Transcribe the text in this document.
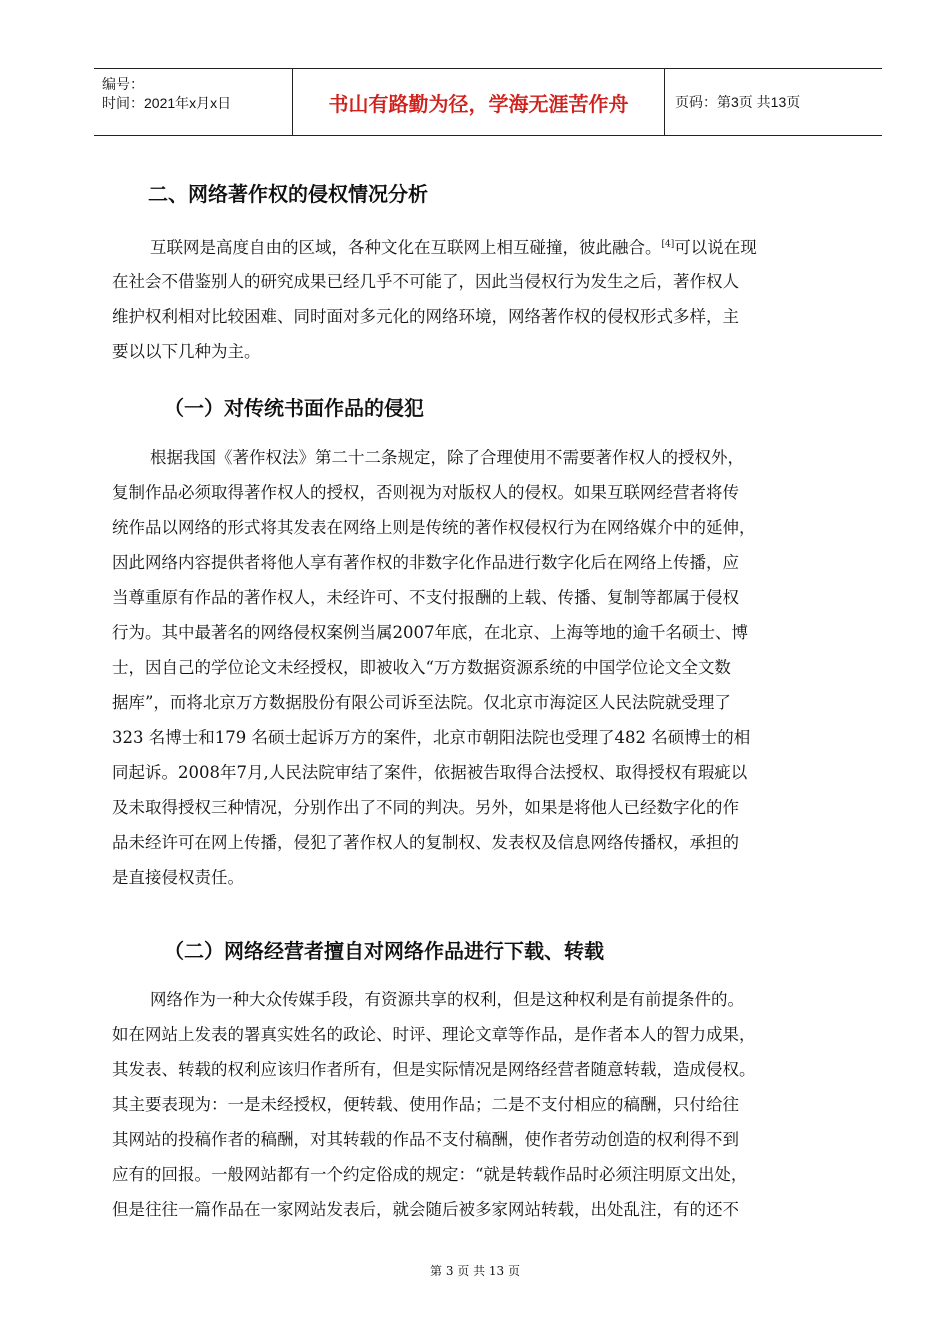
编号：
时间：2021年x月x日	书山有路勤为径，学海无涯苦作舟	页码：第3页 共13页
二、网络著作权的侵权情况分析
互联网是高度自由的区域，各种文化在互联网上相互碰撞，彼此融合。[4]可以说在现
在社会不借鉴别人的研究成果已经几乎不可能了，因此当侵权行为发生之后，著作权人
维护权利相对比较困难、同时面对多元化的网络环境，网络著作权的侵权形式多样，主
要以以下几种为主。
（一）对传统书面作品的侵犯
根据我国《著作权法》第二十二条规定，除了合理使用不需要著作权人的授权外，
复制作品必须取得著作权人的授权，否则视为对版权人的侵权。如果互联网经营者将传
统作品以网络的形式将其发表在网络上则是传统的著作权侵权行为在网络媒介中的延伸，
因此网络内容提供者将他人享有著作权的非数字化作品进行数字化后在网络上传播，应
当尊重原有作品的著作权人，未经许可、不支付报酬的上载、传播、复制等都属于侵权
行为。其中最著名的网络侵权案例当属2007年底，在北京、上海等地的逾千名硕士、博
士，因自己的学位论文未经授权，即被收入“万方数据资源系统的中国学位论文全文数
据库”，而将北京万方数据股份有限公司诉至法院。仅北京市海淀区人民法院就受理了
323 名博士和179 名硕士起诉万方的案件，北京市朝阳法院也受理了482 名硕博士的相
同起诉。2008年7月,人民法院审结了案件，依据被告取得合法授权、取得授权有瑕疵以
及未取得授权三种情况，分别作出了不同的判决。另外，如果是将他人已经数字化的作
品未经许可在网上传播，侵犯了著作权人的复制权、发表权及信息网络传播权，承担的
是直接侵权责任。
（二）网络经营者擅自对网络作品进行下载、转载
网络作为一种大众传媒手段，有资源共享的权利，但是这种权利是有前提条件的。
如在网站上发表的署真实姓名的政论、时评、理论文章等作品，是作者本人的智力成果，
其发表、转载的权利应该归作者所有，但是实际情况是网络经营者随意转载，造成侵权。
其主要表现为：一是未经授权，便转载、使用作品；二是不支付相应的稿酬，只付给往
其网站的投稿作者的稿酬，对其转载的作品不支付稿酬，使作者劳动创造的权利得不到
应有的回报。一般网站都有一个约定俗成的规定：“就是转载作品时必须注明原文出处，
但是往往一篇作品在一家网站发表后，就会随后被多家网站转载，出处乱注，有的还不
第 3 页 共 13 页
